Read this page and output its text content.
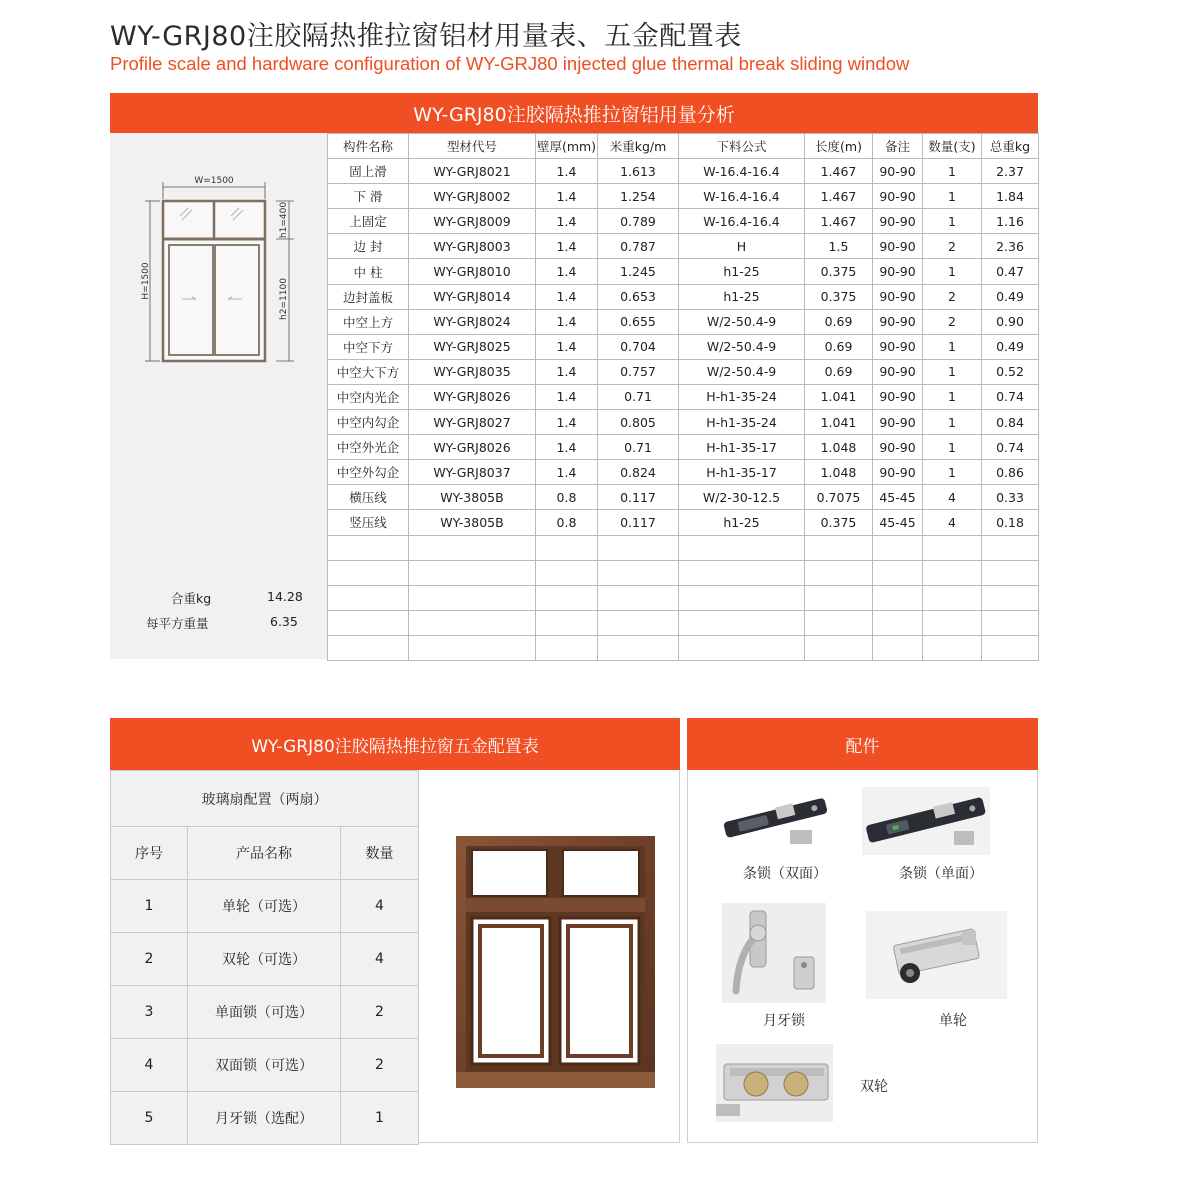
WY-GRJ80注胶隔热推拉窗铝材用量表、五金配置表
Profile scale and hardware configuration of WY-GRJ80 injected glue thermal break sliding window
WY-GRJ80注胶隔热推拉窗铝用量分析
W=1500
H=1500
h1=400
h2=1100
合重kg	14.28
每平方重量	6.35
构件名称	型材代号	壁厚(mm)	米重kg/m	下料公式	长度(m)	备注	数量(支)	总重kg
固上滑	WY-GRJ8021	1.4	1.613	W-16.4-16.4	1.467	90-90	1	2.37
下 滑	WY-GRJ8002	1.4	1.254	W-16.4-16.4	1.467	90-90	1	1.84
上固定	WY-GRJ8009	1.4	0.789	W-16.4-16.4	1.467	90-90	1	1.16
边 封	WY-GRJ8003	1.4	0.787	H	1.5	90-90	2	2.36
中 柱	WY-GRJ8010	1.4	1.245	h1-25	0.375	90-90	1	0.47
边封盖板	WY-GRJ8014	1.4	0.653	h1-25	0.375	90-90	2	0.49
中空上方	WY-GRJ8024	1.4	0.655	W/2-50.4-9	0.69	90-90	2	0.90
中空下方	WY-GRJ8025	1.4	0.704	W/2-50.4-9	0.69	90-90	1	0.49
中空大下方	WY-GRJ8035	1.4	0.757	W/2-50.4-9	0.69	90-90	1	0.52
中空内光企	WY-GRJ8026	1.4	0.71	H-h1-35-24	1.041	90-90	1	0.74
中空内勾企	WY-GRJ8027	1.4	0.805	H-h1-35-24	1.041	90-90	1	0.84
中空外光企	WY-GRJ8026	1.4	0.71	H-h1-35-17	1.048	90-90	1	0.74
中空外勾企	WY-GRJ8037	1.4	0.824	H-h1-35-17	1.048	90-90	1	0.86
横压线	WY-3805B	0.8	0.117	W/2-30-12.5	0.7075	45-45	4	0.33
竖压线	WY-3805B	0.8	0.117	h1-25	0.375	45-45	4	0.18

WY-GRJ80注胶隔热推拉窗五金配置表
玻璃扇配置（两扇）		
序号	产品名称	数量
1	单轮（可选）	4
2	双轮（可选）	4
3	单面锁（可选）	2
4	双面锁（可选）	2
5	月牙锁（选配）	1
配件
条锁（双面）	条锁（单面）
月牙锁	单轮
双轮
